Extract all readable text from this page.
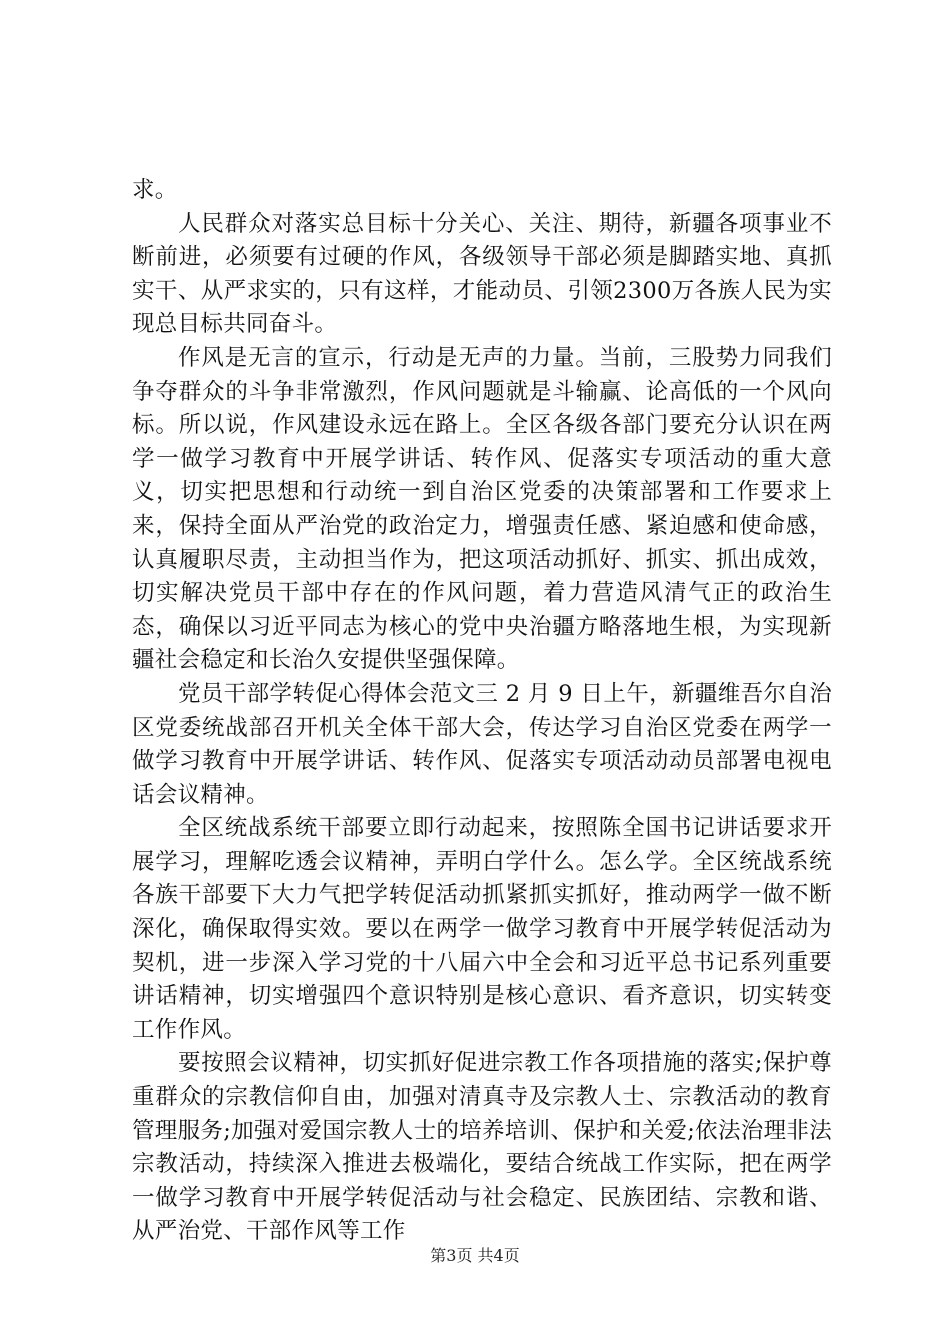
求。

人民群众对落实总目标十分关心、关注、期待，新疆各项事业不断前进，必须要有过硬的作风，各级领导干部必须是脚踏实地、真抓实干、从严求实的，只有这样，才能动员、引领2300万各族人民为实现总目标共同奋斗。

作风是无言的宣示，行动是无声的力量。当前，三股势力同我们争夺群众的斗争非常激烈，作风问题就是斗输赢、论高低的一个风向标。所以说，作风建设永远在路上。全区各级各部门要充分认识在两学一做学习教育中开展学讲话、转作风、促落实专项活动的重大意义，切实把思想和行动统一到自治区党委的决策部署和工作要求上来，保持全面从严治党的政治定力，增强责任感、紧迫感和使命感，认真履职尽责，主动担当作为，把这项活动抓好、抓实、抓出成效，切实解决党员干部中存在的作风问题，着力营造风清气正的政治生态，确保以习近平同志为核心的党中央治疆方略落地生根，为实现新疆社会稳定和长治久安提供坚强保障。

党员干部学转促心得体会范文三 2 月 9 日上午，新疆维吾尔自治区党委统战部召开机关全体干部大会，传达学习自治区党委在两学一做学习教育中开展学讲话、转作风、促落实专项活动动员部署电视电话会议精神。

全区统战系统干部要立即行动起来，按照陈全国书记讲话要求开展学习，理解吃透会议精神，弄明白学什么。怎么学。全区统战系统各族干部要下大力气把学转促活动抓紧抓实抓好，推动两学一做不断深化，确保取得实效。要以在两学一做学习教育中开展学转促活动为契机，进一步深入学习党的十八届六中全会和习近平总书记系列重要讲话精神，切实增强四个意识特别是核心意识、看齐意识，切实转变工作作风。

要按照会议精神，切实抓好促进宗教工作各项措施的落实;保护尊重群众的宗教信仰自由，加强对清真寺及宗教人士、宗教活动的教育管理服务;加强对爱国宗教人士的培养培训、保护和关爱;依法治理非法宗教活动，持续深入推进去极端化，要结合统战工作实际，把在两学一做学习教育中开展学转促活动与社会稳定、民族团结、宗教和谐、从严治党、干部作风等工作

第3页 共4页
